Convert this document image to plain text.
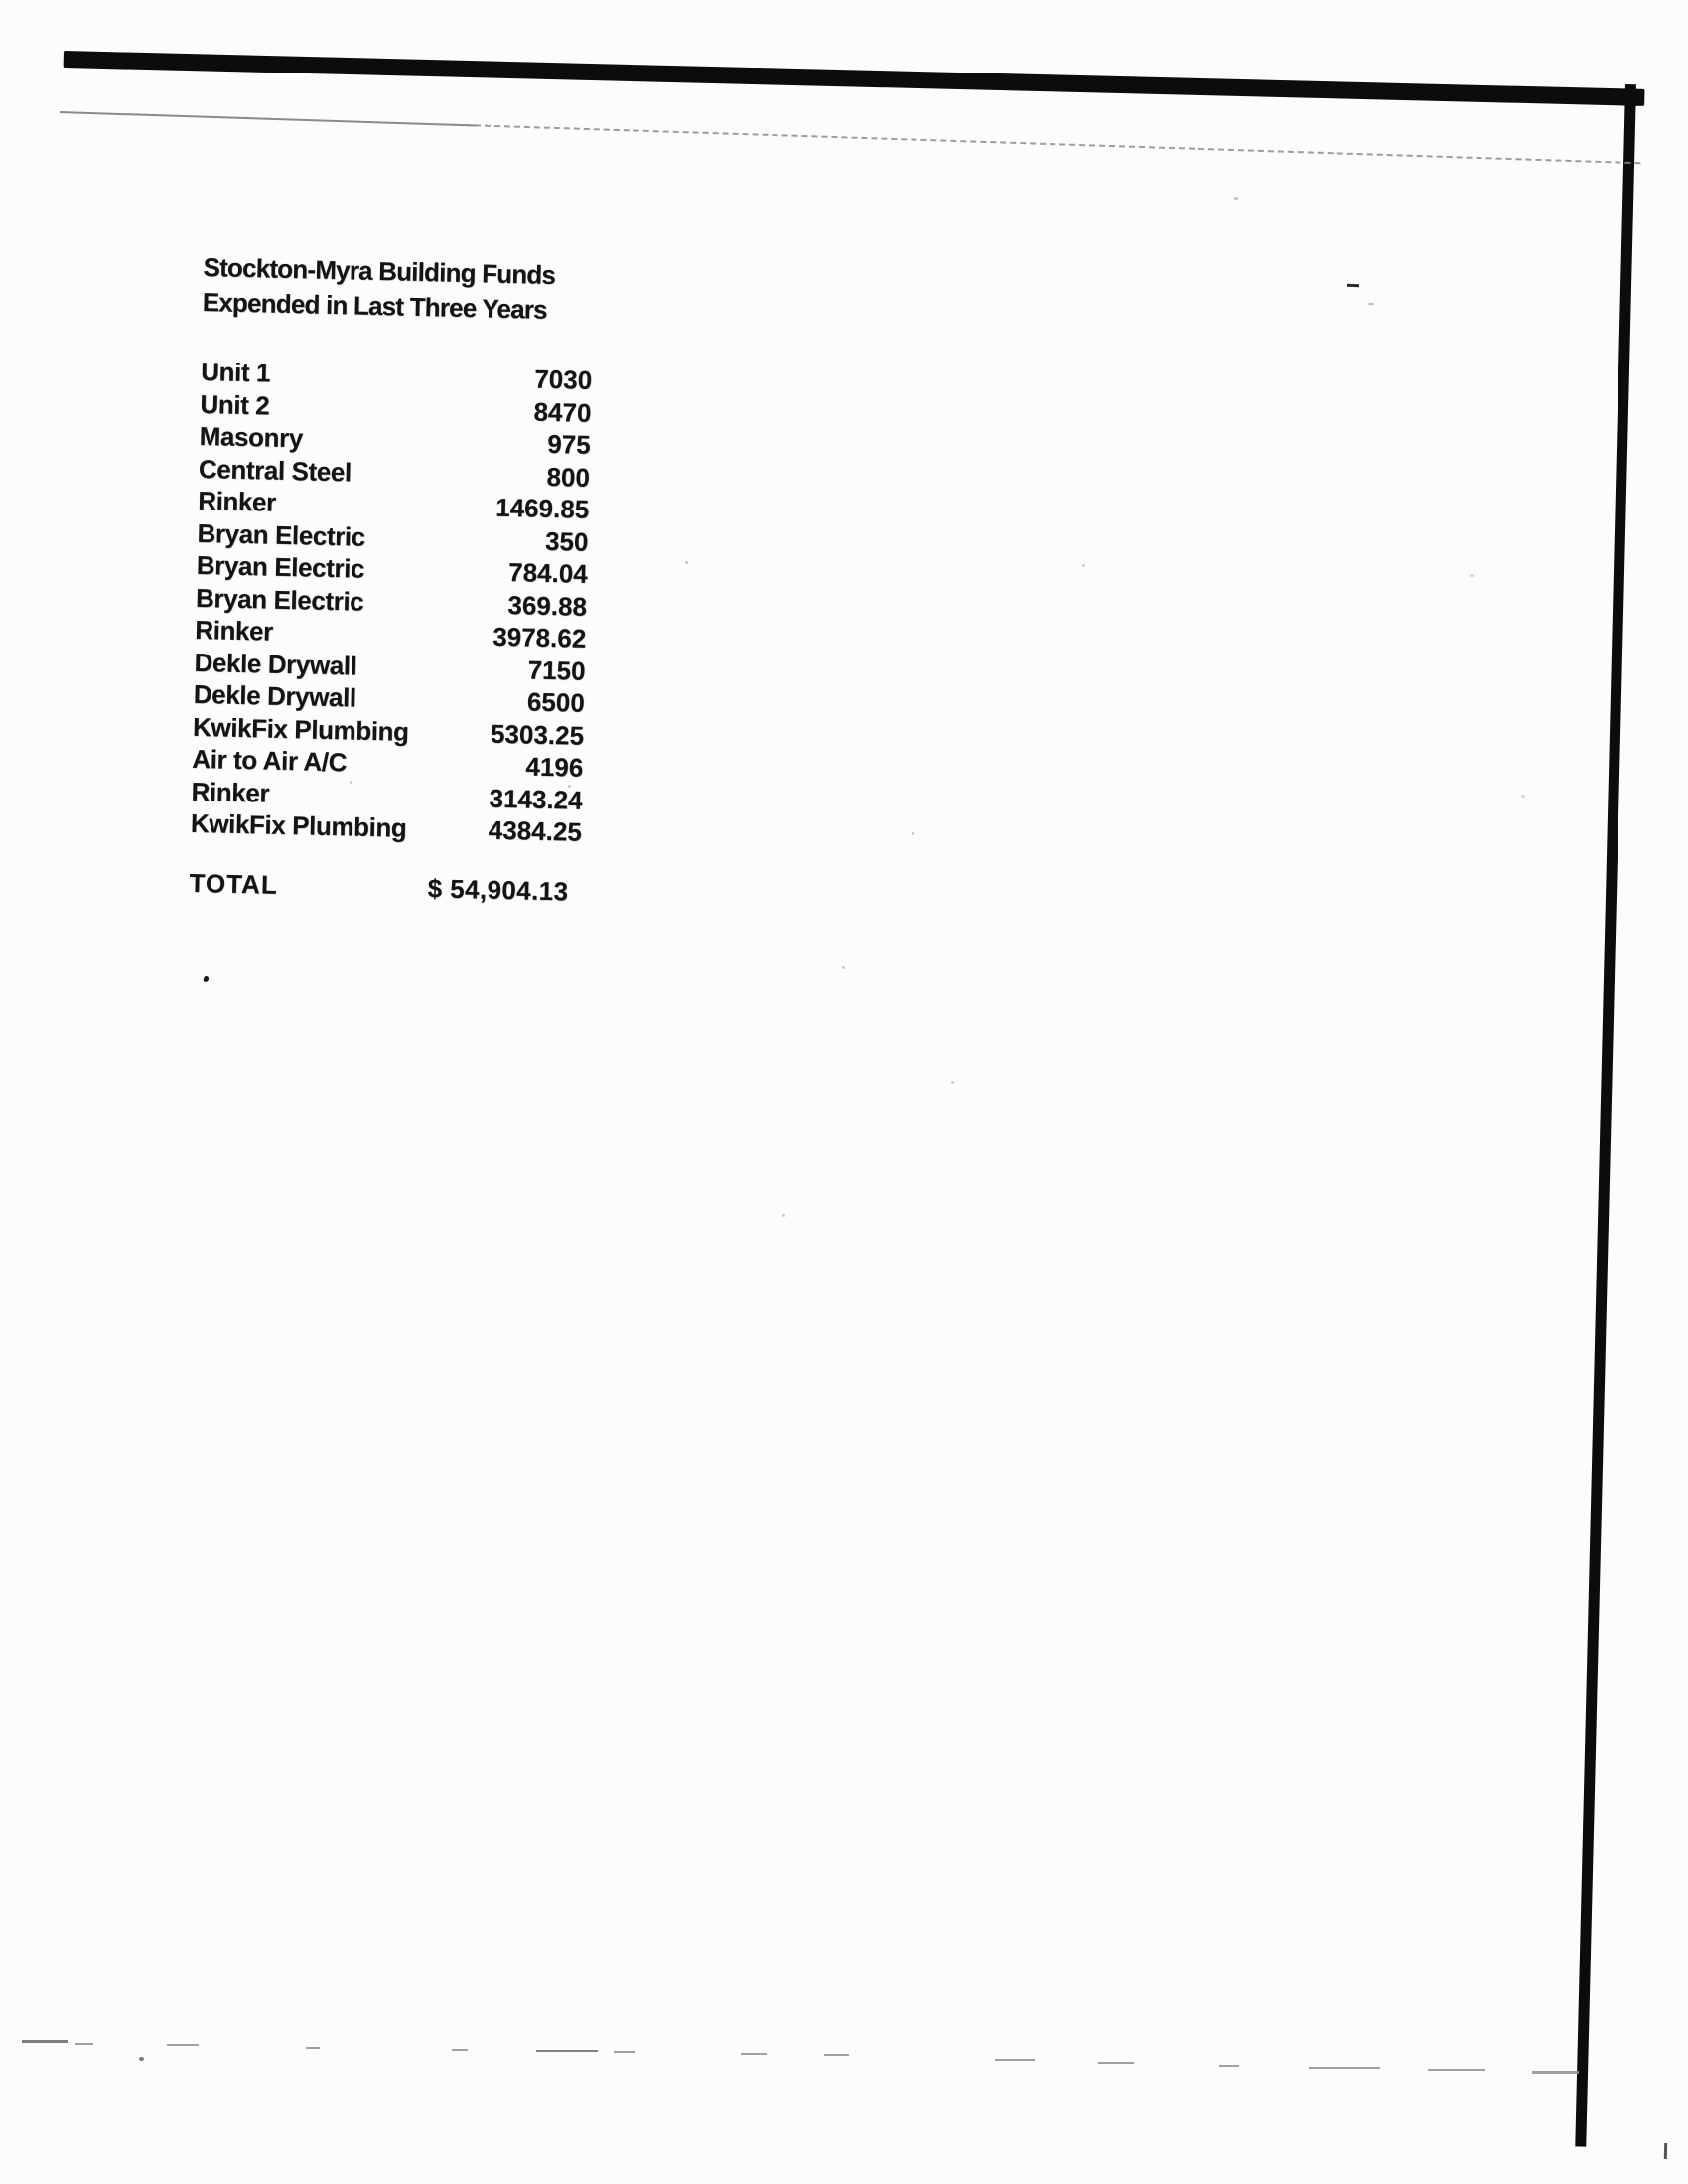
Stockton-Myra Building Funds
Expended in Last Three Years
Unit 1	7030
Unit 2	8470
Masonry	975
Central Steel	800
Rinker	1469.85
Bryan Electric	350
Bryan Electric	784.04
Bryan Electric	369.88
Rinker	3978.62
Dekle Drywall	7150
Dekle Drywall	6500
KwikFix Plumbing	5303.25
Air to Air A/C	4196
Rinker	3143.24
KwikFix Plumbing	4384.25
TOTAL	$ 54,904.13
